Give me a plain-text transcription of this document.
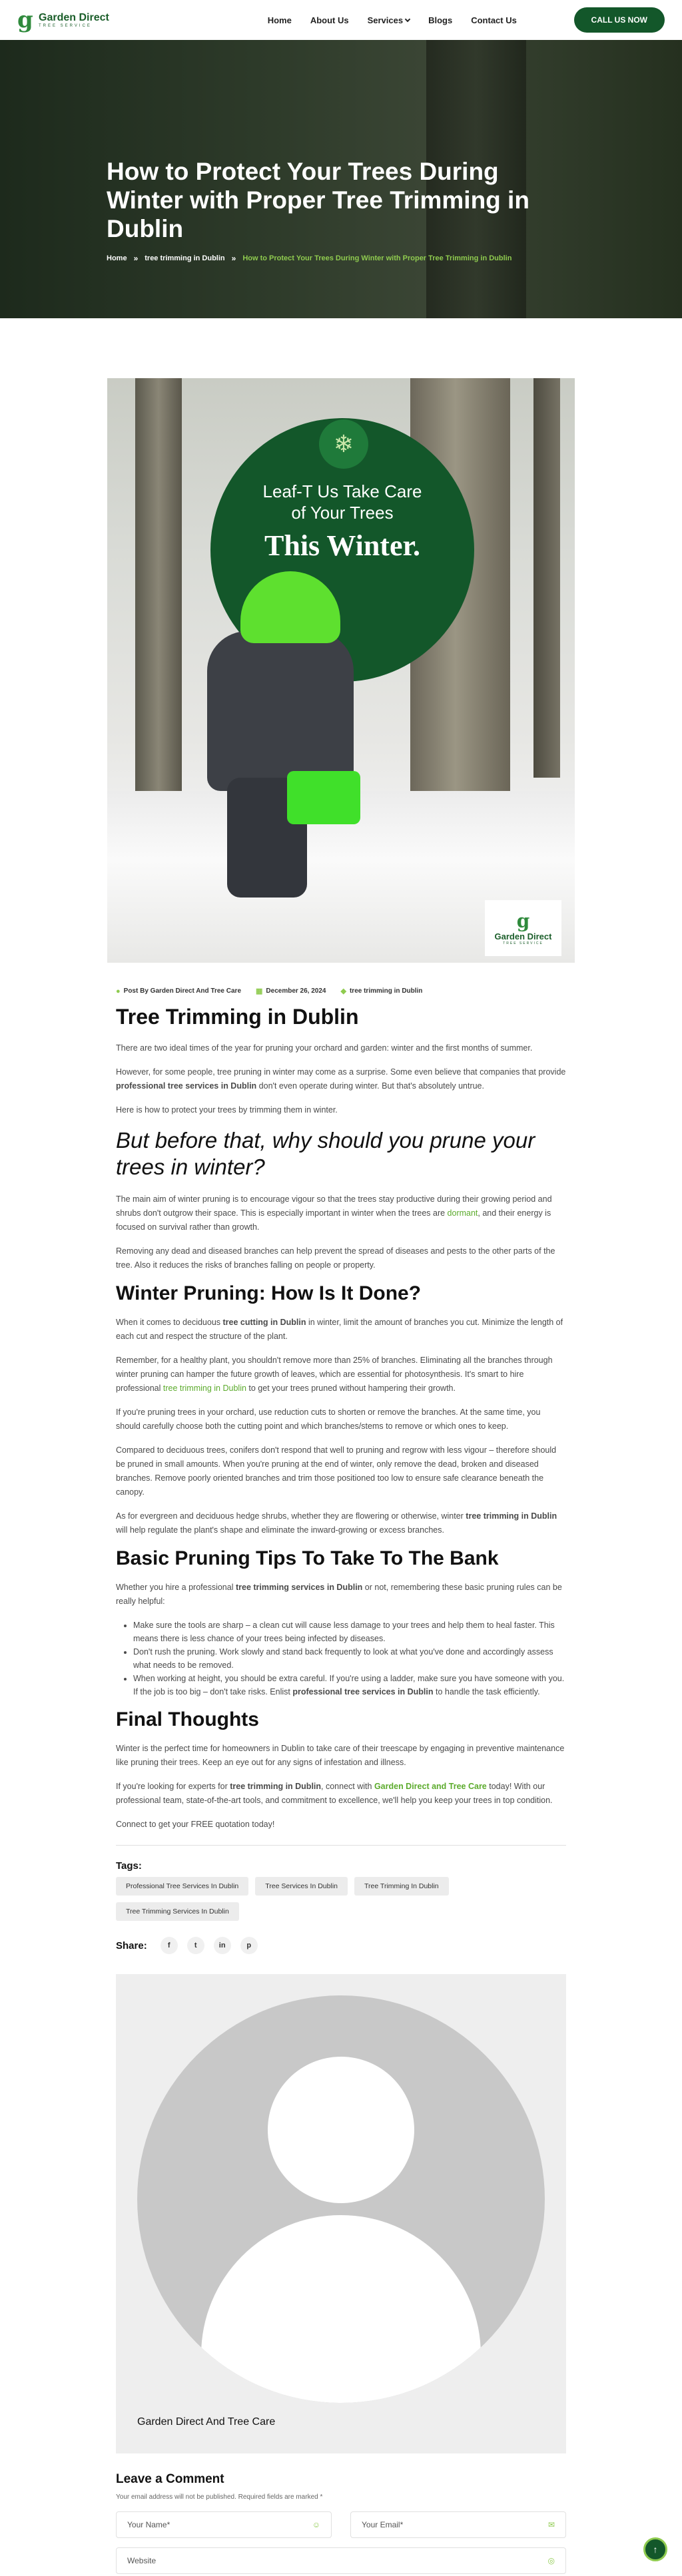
g Garden Direct
TREE SERVICE
Home About Us Services	Blogs Contact Us	CALL US NOW
How to Protect Your Trees During Winter with Proper Tree Trimming in Dublin
Home » tree trimming in Dublin » How to Protect Your Trees During Winter with Proper Tree Trimming in Dublin
❄
Leaf-T Us Take Care
of Your Trees
This Winter.
g
Garden Direct
TREE SERVICE
● Post By Garden Direct And Tree Care ▦ December 26, 2024 ◆ tree trimming in Dublin
Tree Trimming in Dublin

There are two ideal times of the year for pruning your orchard and garden: winter and the first months of summer.

However, for some people, tree pruning in winter may come as a surprise. Some even believe that companies that provide professional tree services in Dublin don't even operate during winter. But that's absolutely untrue.

Here is how to protect your trees by trimming them in winter.

But before that, why should you prune your trees in winter?

The main aim of winter pruning is to encourage vigour so that the trees stay productive during their growing period and shrubs don't outgrow their space. This is especially important in winter when the trees are dormant, and their energy is focused on survival rather than growth.

Removing any dead and diseased branches can help prevent the spread of diseases and pests to the other parts of the tree. Also it reduces the risks of branches falling on people or property.

Winter Pruning: How Is It Done?

When it comes to deciduous tree cutting in Dublin in winter, limit the amount of branches you cut. Minimize the length of each cut and respect the structure of the plant.

Remember, for a healthy plant, you shouldn't remove more than 25% of branches. Eliminating all the branches through winter pruning can hamper the future growth of leaves, which are essential for photosynthesis. It's smart to hire professional tree trimming in Dublin to get your trees pruned without hampering their growth.

If you're pruning trees in your orchard, use reduction cuts to shorten or remove the branches. At the same time, you should carefully choose both the cutting point and which branches/stems to remove or which ones to keep.

Compared to deciduous trees, conifers don't respond that well to pruning and regrow with less vigour – therefore should be pruned in small amounts. When you're pruning at the end of winter, only remove the dead, broken and diseased branches. Remove poorly oriented branches and trim those positioned too low to ensure safe clearance beneath the canopy.

As for evergreen and deciduous hedge shrubs, whether they are flowering or otherwise, winter tree trimming in Dublin will help regulate the plant's shape and eliminate the inward-growing or excess branches.

Basic Pruning Tips To Take To The Bank

Whether you hire a professional tree trimming services in Dublin or not, remembering these basic pruning rules can be really helpful:

• Make sure the tools are sharp – a clean cut will cause less damage to your trees and help them to heal faster. This means there is less chance of your trees being infected by diseases.
• Don't rush the pruning. Work slowly and stand back frequently to look at what you've done and accordingly assess what needs to be removed.
• When working at height, you should be extra careful. If you're using a ladder, make sure you have someone with you. If the job is too big – don't take risks. Enlist professional tree services in Dublin to handle the task efficiently.
Final Thoughts

Winter is the perfect time for homeowners in Dublin to take care of their treescape by engaging in preventive maintenance like pruning their trees. Keep an eye out for any signs of infestation and illness.

If you're looking for experts for tree trimming in Dublin, connect with Garden Direct and Tree Care today! With our professional team, state-of-the-art tools, and commitment to excellence, we'll help you keep your trees in top condition.

Connect to get your FREE quotation today!

Tags:
Professional Tree Services In Dublin	Tree Services In Dublin	Tree Trimming In Dublin
Tree Trimming Services In Dublin
Share:	f	t	in	p
Garden Direct And Tree Care
Leave a Comment
Your email address will not be published. Required fields are marked *
Your Name*	☺	Your Email*	✉
Website	◎
↑
